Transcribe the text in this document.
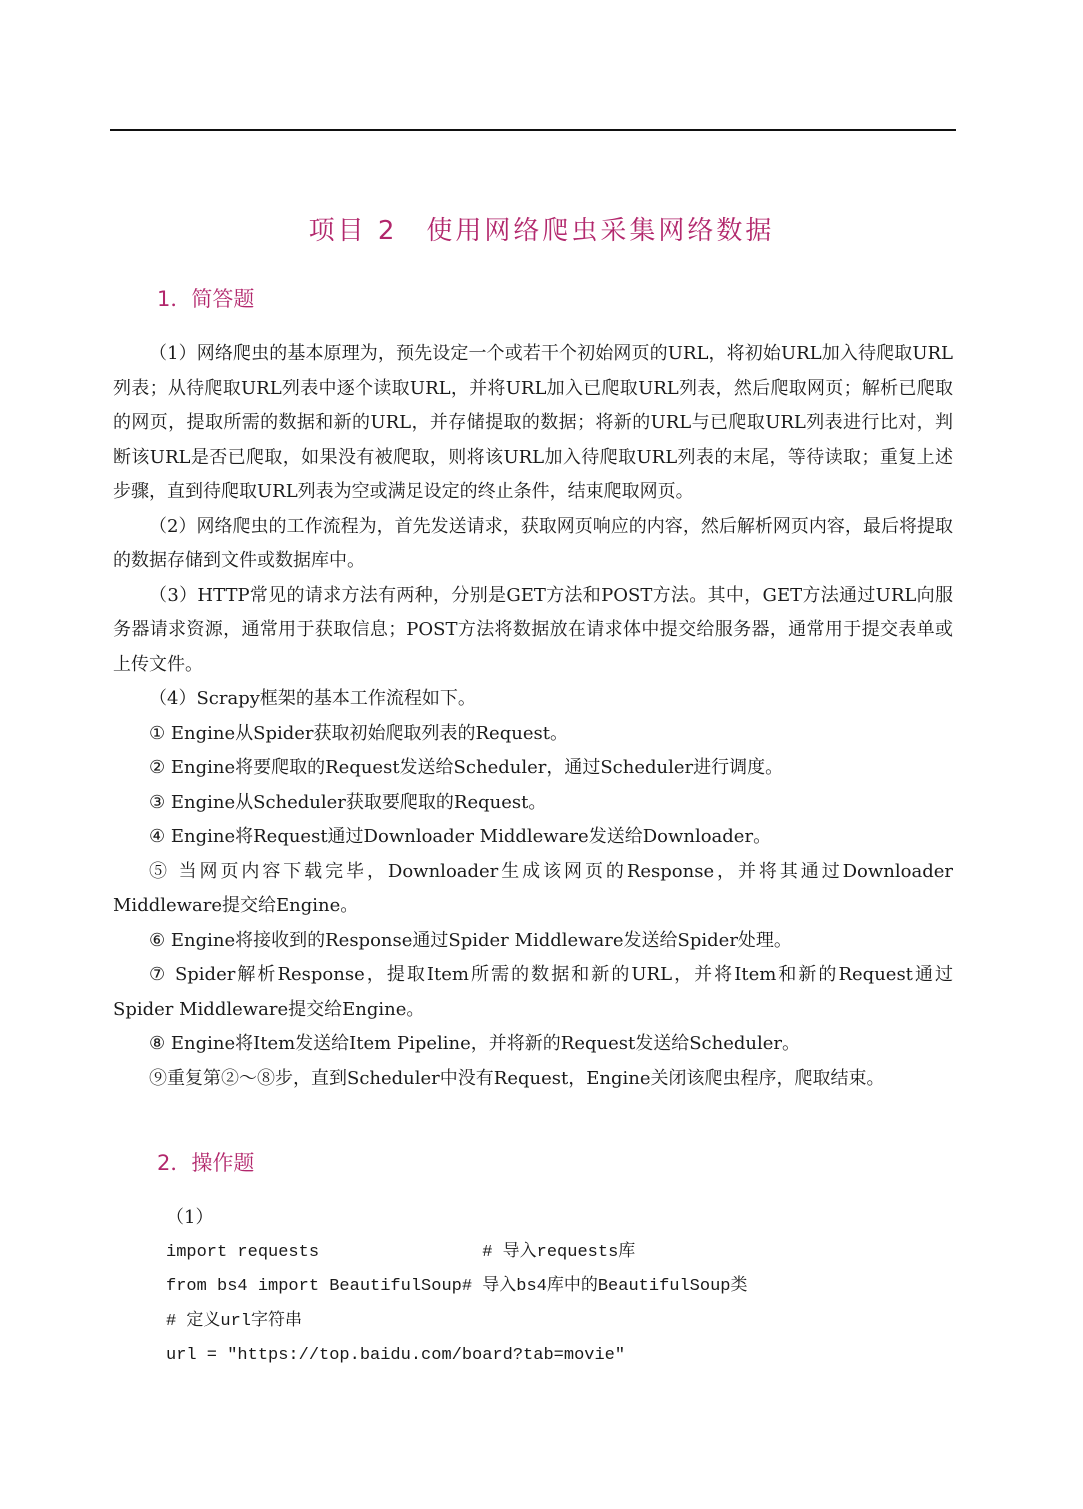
项目 2　使用网络爬虫采集网络数据
1．简答题

（1）网络爬虫的基本原理为，预先设定一个或若干个初始网页的URL，将初始URL加入待爬取URL列表；从待爬取URL列表中逐个读取URL，并将URL加入已爬取URL列表，然后爬取网页；解析已爬取的网页，提取所需的数据和新的URL，并存储提取的数据；将新的URL与已爬取URL列表进行比对，判断该URL是否已爬取，如果没有被爬取，则将该URL加入待爬取URL列表的末尾，等待读取；重复上述步骤，直到待爬取URL列表为空或满足设定的终止条件，结束爬取网页。

（2）网络爬虫的工作流程为，首先发送请求，获取网页响应的内容，然后解析网页内容，最后将提取的数据存储到文件或数据库中。

（3）HTTP常见的请求方法有两种，分别是GET方法和POST方法。其中，GET方法通过URL向服务器请求资源，通常用于获取信息；POST方法将数据放在请求体中提交给服务器，通常用于提交表单或上传文件。

（4）Scrapy框架的基本工作流程如下。

① Engine从Spider获取初始爬取列表的Request。

② Engine将要爬取的Request发送给Scheduler，通过Scheduler进行调度。

③ Engine从Scheduler获取要爬取的Request。

④ Engine将Request通过Downloader Middleware发送给Downloader。

⑤ 当网页内容下载完毕，Downloader生成该网页的Response，并将其通过Downloader Middleware提交给Engine。

⑥ Engine将接收到的Response通过Spider Middleware发送给Spider处理。

⑦ Spider解析Response，提取Item所需的数据和新的URL，并将Item和新的Request通过Spider Middleware提交给Engine。

⑧ Engine将Item发送给Item Pipeline，并将新的Request发送给Scheduler。

⑨重复第②～⑧步，直到Scheduler中没有Request，Engine关闭该爬虫程序，爬取结束。

2．操作题

（1）

import requests                # 导入requests库

from bs4 import BeautifulSoup# 导入bs4库中的BeautifulSoup类

# 定义url字符串

url = "https://top.baidu.com/board?tab=movie"
